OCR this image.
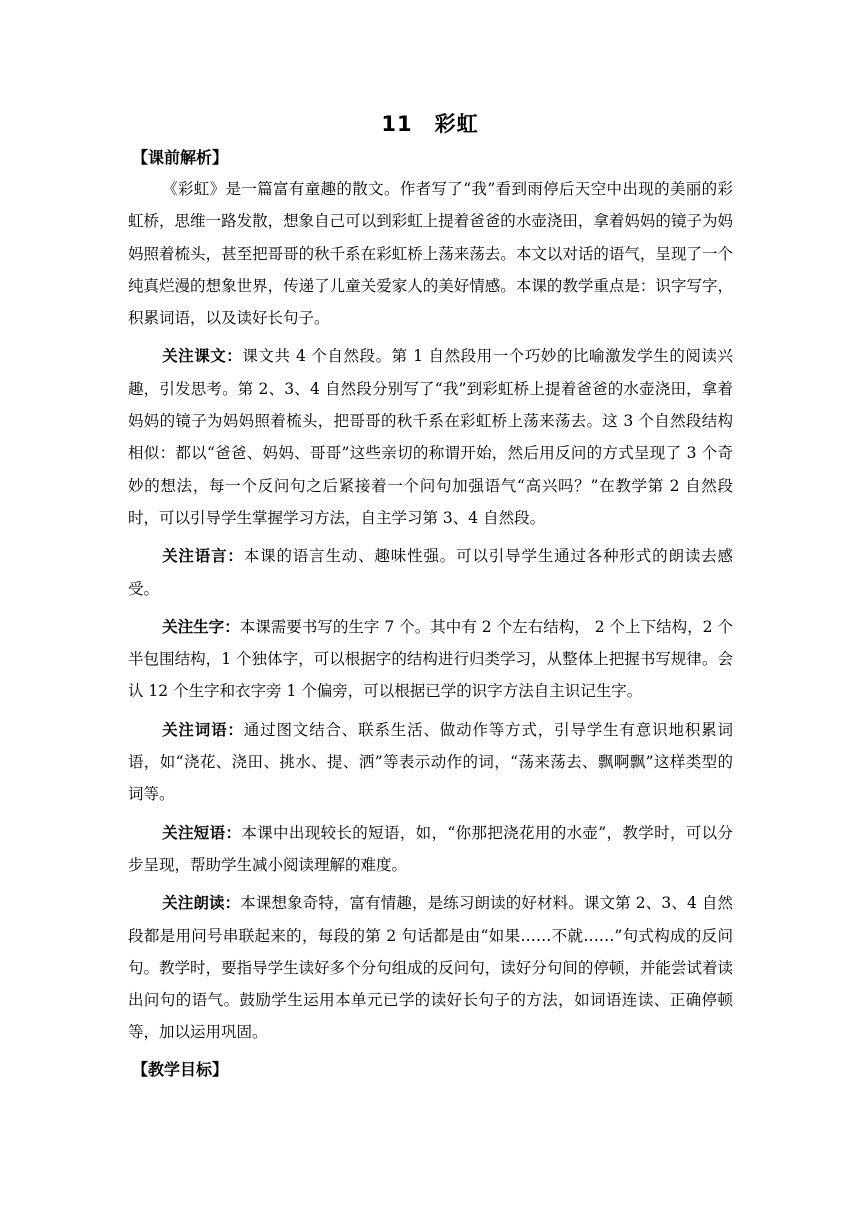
11　彩虹

【课前解析】

《彩虹》是一篇富有童趣的散文。作者写了“我”看到雨停后天空中出现的美丽的彩虹桥，思维一路发散，想象自己可以到彩虹上提着爸爸的水壶浇田，拿着妈妈的镜子为妈妈照着梳头，甚至把哥哥的秋千系在彩虹桥上荡来荡去。本文以对话的语气，呈现了一个纯真烂漫的想象世界，传递了儿童关爱家人的美好情感。本课的教学重点是：识字写字，积累词语，以及读好长句子。

关注课文：课文共 4 个自然段。第 1 自然段用一个巧妙的比喻激发学生的阅读兴趣，引发思考。第 2、3、4 自然段分别写了“我”到彩虹桥上提着爸爸的水壶浇田，拿着妈妈的镜子为妈妈照着梳头，把哥哥的秋千系在彩虹桥上荡来荡去。这 3 个自然段结构相似：都以“爸爸、妈妈、哥哥”这些亲切的称谓开始，然后用反问的方式呈现了 3 个奇妙的想法，每一个反问句之后紧接着一个问句加强语气“高兴吗？”在教学第 2 自然段时，可以引导学生掌握学习方法，自主学习第 3、4 自然段。

关注语言：本课的语言生动、趣味性强。可以引导学生通过各种形式的朗读去感受。

关注生字：本课需要书写的生字 7 个。其中有 2 个左右结构， 2 个上下结构，2 个半包围结构，1 个独体字，可以根据字的结构进行归类学习，从整体上把握书写规律。会认 12 个生字和衣字旁 1 个偏旁，可以根据已学的识字方法自主识记生字。

关注词语：通过图文结合、联系生活、做动作等方式，引导学生有意识地积累词语，如“浇花、浇田、挑水、提、洒”等表示动作的词，“荡来荡去、飘啊飘”这样类型的词等。

关注短语：本课中出现较长的短语，如，“你那把浇花用的水壶”，教学时，可以分步呈现，帮助学生减小阅读理解的难度。

关注朗读：本课想象奇特，富有情趣，是练习朗读的好材料。课文第 2、3、4 自然段都是用问号串联起来的，每段的第 2 句话都是由“如果……不就……”句式构成的反问句。教学时，要指导学生读好多个分句组成的反问句，读好分句间的停顿，并能尝试着读出问句的语气。鼓励学生运用本单元已学的读好长句子的方法，如词语连读、正确停顿等，加以运用巩固。

【教学目标】
